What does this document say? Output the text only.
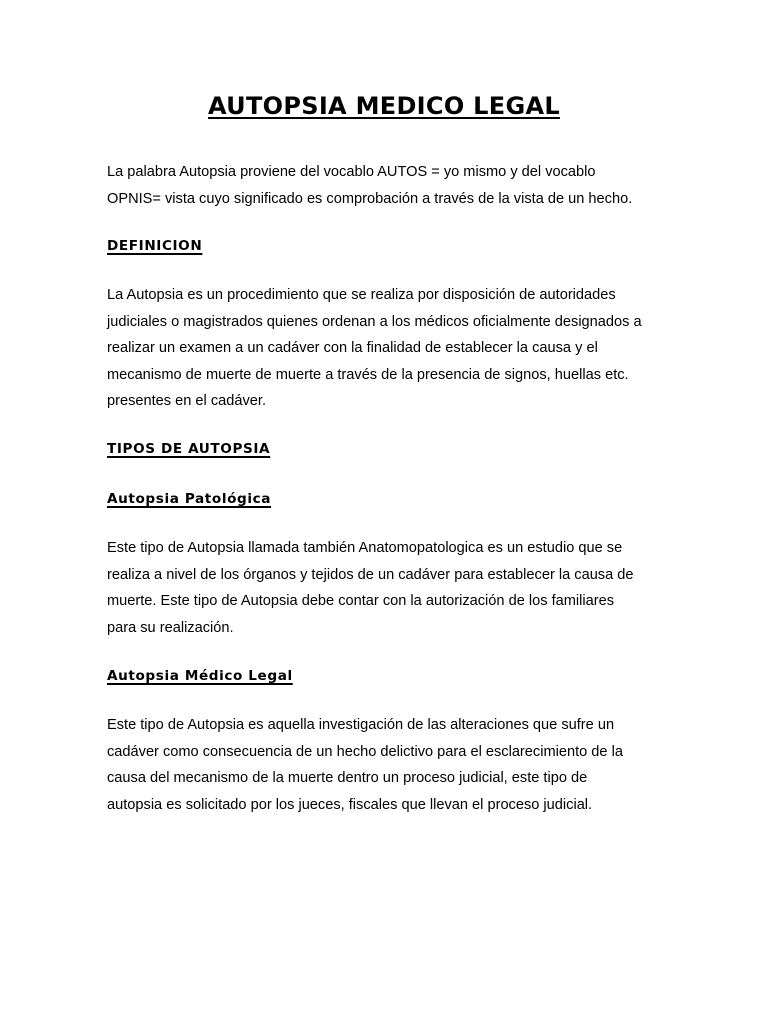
AUTOPSIA MEDICO LEGAL

La palabra Autopsia proviene del vocablo AUTOS = yo mismo y del vocablo
OPNIS= vista cuyo significado es comprobación a través de la vista de un hecho.

DEFINICION

La Autopsia es un procedimiento que se realiza por disposición de autoridades
judiciales o magistrados quienes ordenan a los médicos oficialmente designados a
realizar un examen a un cadáver con la finalidad de establecer la causa y el
mecanismo de muerte de muerte a través de la presencia de signos, huellas etc.
presentes en el cadáver.

TIPOS DE AUTOPSIA
Autopsia Patológica

Este tipo de Autopsia llamada también Anatomopatologica es un estudio que se
realiza a nivel de los órganos y tejidos de un cadáver para establecer la causa de
muerte. Este tipo de Autopsia debe contar con la autorización de los familiares
para su realización.

Autopsia Médico Legal

Este tipo de Autopsia es aquella investigación de las alteraciones que sufre un
cadáver como consecuencia de un hecho delictivo para el esclarecimiento de la
causa del mecanismo de la muerte dentro un proceso judicial, este tipo de
autopsia es solicitado por los jueces, fiscales que llevan el proceso judicial.
